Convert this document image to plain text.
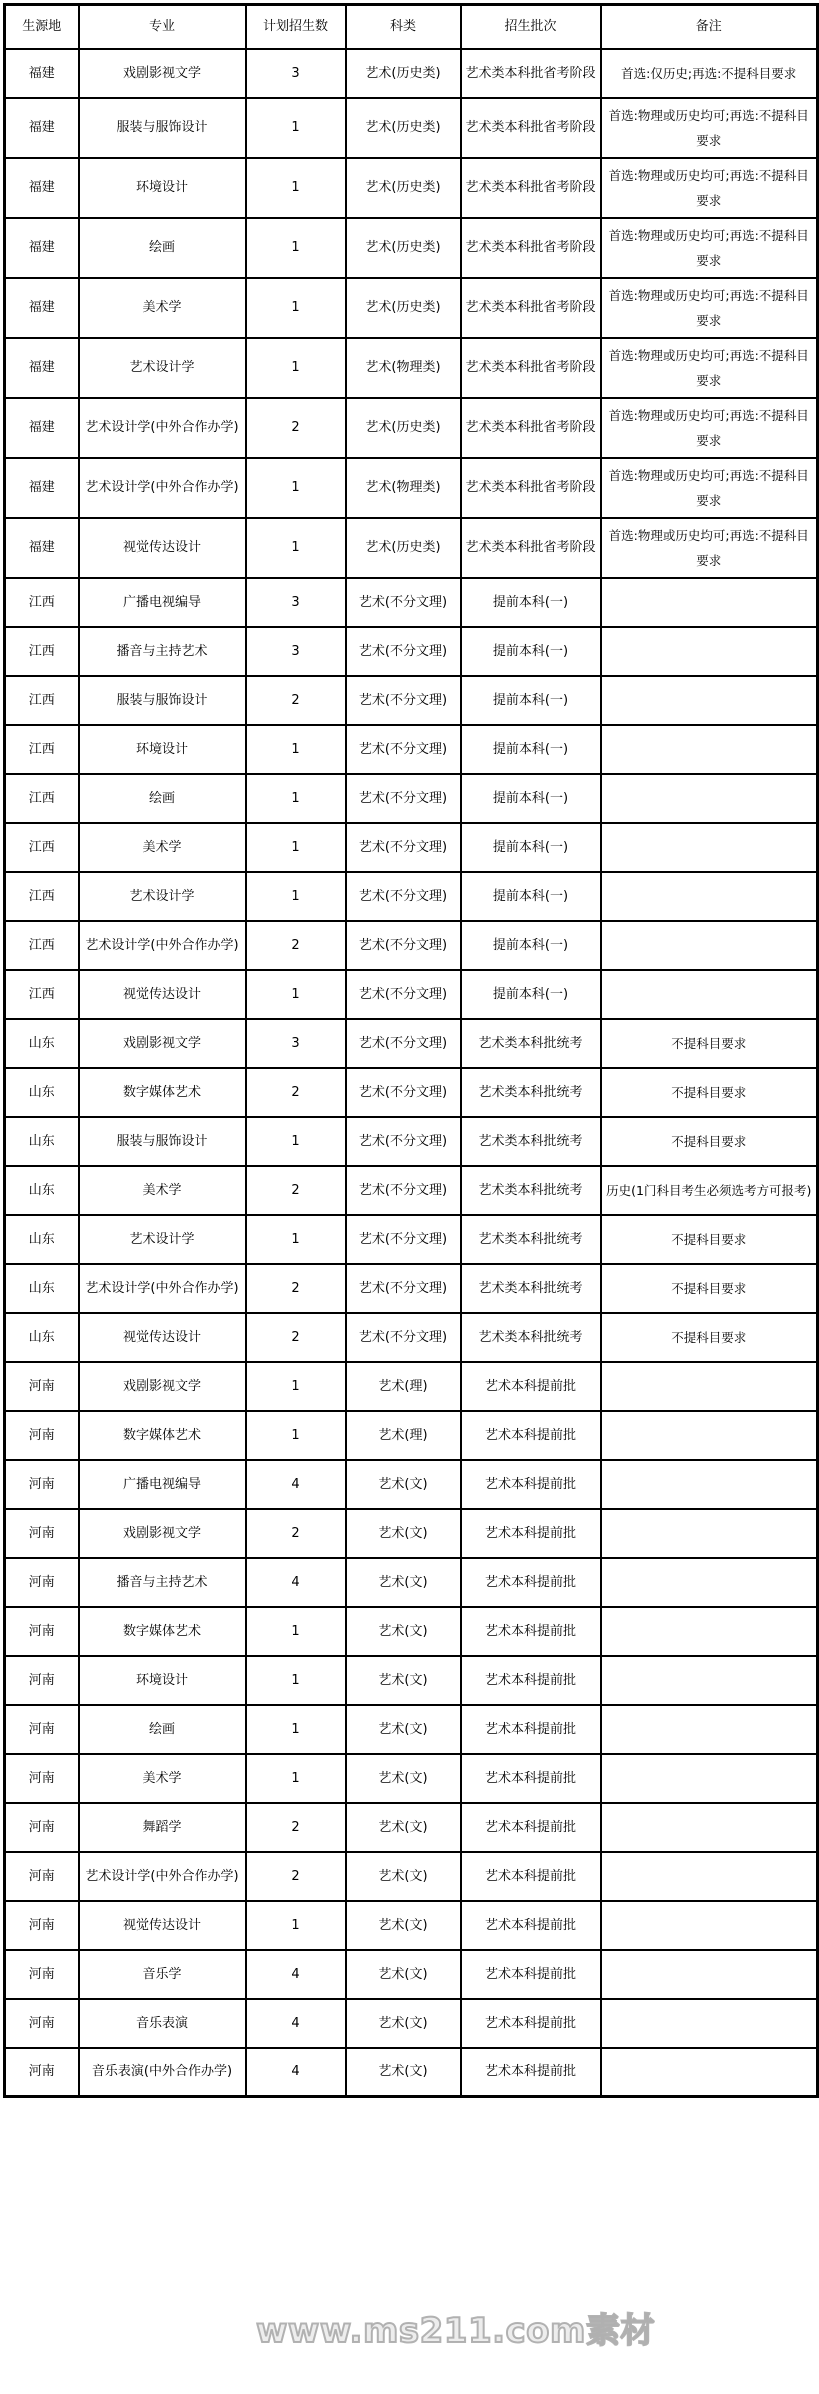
生源地	专业	计划招生数	科类	招生批次	备注
福建	戏剧影视文学	3	艺术(历史类)	艺术类本科批省考阶段	首选:仅历史;再选:不提科目要求
福建	服装与服饰设计	1	艺术(历史类)	艺术类本科批省考阶段	首选:物理或历史均可;再选:不提科目要求
福建	环境设计	1	艺术(历史类)	艺术类本科批省考阶段	首选:物理或历史均可;再选:不提科目要求
福建	绘画	1	艺术(历史类)	艺术类本科批省考阶段	首选:物理或历史均可;再选:不提科目要求
福建	美术学	1	艺术(历史类)	艺术类本科批省考阶段	首选:物理或历史均可;再选:不提科目要求
福建	艺术设计学	1	艺术(物理类)	艺术类本科批省考阶段	首选:物理或历史均可;再选:不提科目要求
福建	艺术设计学(中外合作办学)	2	艺术(历史类)	艺术类本科批省考阶段	首选:物理或历史均可;再选:不提科目要求
福建	艺术设计学(中外合作办学)	1	艺术(物理类)	艺术类本科批省考阶段	首选:物理或历史均可;再选:不提科目要求
福建	视觉传达设计	1	艺术(历史类)	艺术类本科批省考阶段	首选:物理或历史均可;再选:不提科目要求
江西	广播电视编导	3	艺术(不分文理)	提前本科(一)	
江西	播音与主持艺术	3	艺术(不分文理)	提前本科(一)	
江西	服装与服饰设计	2	艺术(不分文理)	提前本科(一)	
江西	环境设计	1	艺术(不分文理)	提前本科(一)	
江西	绘画	1	艺术(不分文理)	提前本科(一)	
江西	美术学	1	艺术(不分文理)	提前本科(一)	
江西	艺术设计学	1	艺术(不分文理)	提前本科(一)	
江西	艺术设计学(中外合作办学)	2	艺术(不分文理)	提前本科(一)	
江西	视觉传达设计	1	艺术(不分文理)	提前本科(一)	
山东	戏剧影视文学	3	艺术(不分文理)	艺术类本科批统考	不提科目要求
山东	数字媒体艺术	2	艺术(不分文理)	艺术类本科批统考	不提科目要求
山东	服装与服饰设计	1	艺术(不分文理)	艺术类本科批统考	不提科目要求
山东	美术学	2	艺术(不分文理)	艺术类本科批统考	历史(1门科目考生必须选考方可报考)
山东	艺术设计学	1	艺术(不分文理)	艺术类本科批统考	不提科目要求
山东	艺术设计学(中外合作办学)	2	艺术(不分文理)	艺术类本科批统考	不提科目要求
山东	视觉传达设计	2	艺术(不分文理)	艺术类本科批统考	不提科目要求
河南	戏剧影视文学	1	艺术(理)	艺术本科提前批	
河南	数字媒体艺术	1	艺术(理)	艺术本科提前批	
河南	广播电视编导	4	艺术(文)	艺术本科提前批	
河南	戏剧影视文学	2	艺术(文)	艺术本科提前批	
河南	播音与主持艺术	4	艺术(文)	艺术本科提前批	
河南	数字媒体艺术	1	艺术(文)	艺术本科提前批	
河南	环境设计	1	艺术(文)	艺术本科提前批	
河南	绘画	1	艺术(文)	艺术本科提前批	
河南	美术学	1	艺术(文)	艺术本科提前批	
河南	舞蹈学	2	艺术(文)	艺术本科提前批	
河南	艺术设计学(中外合作办学)	2	艺术(文)	艺术本科提前批	
河南	视觉传达设计	1	艺术(文)	艺术本科提前批	
河南	音乐学	4	艺术(文)	艺术本科提前批	
河南	音乐表演	4	艺术(文)	艺术本科提前批	
河南	音乐表演(中外合作办学)	4	艺术(文)	艺术本科提前批	
www.ms211.com素材
